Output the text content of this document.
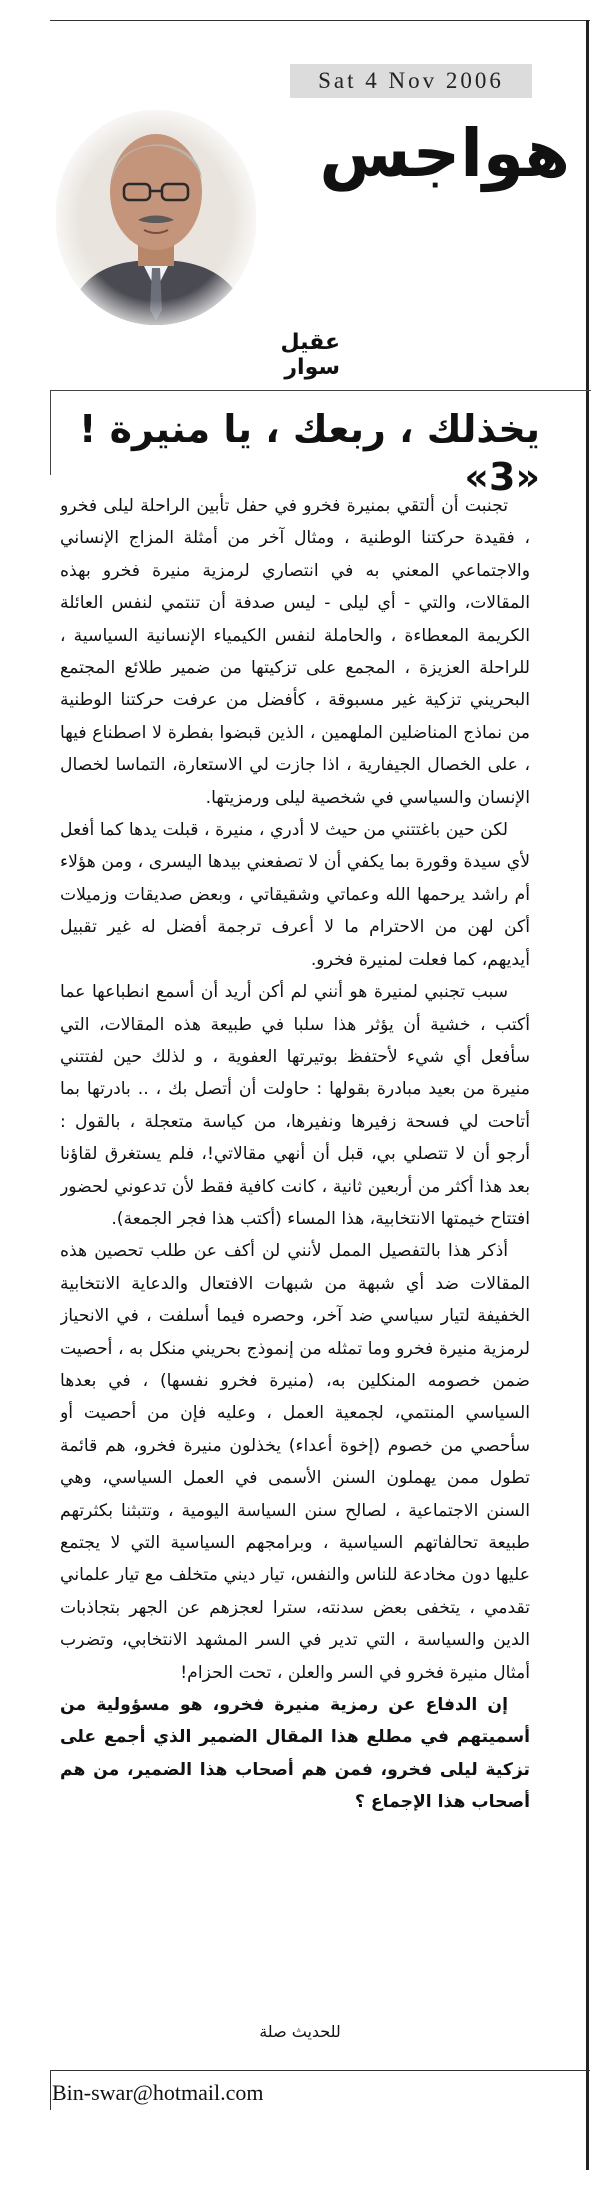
Sat 4 Nov 2006
هواجس
عقيل سوار
يخذلك ، ربعك ، يا منيرة ! «3»

تجنبت أن ألتقي بمنيرة فخرو في حفل تأبين الراحلة ليلى فخرو ، فقيدة حركتنا الوطنية ، ومثال آخر من أمثلة المزاج الإنساني والاجتماعي المعني به في انتصاري لرمزية منيرة فخرو بهذه المقالات، والتي - أي ليلى - ليس صدفة أن تنتمي لنفس العائلة الكريمة المعطاءة ، والحاملة لنفس الكيمياء الإنسانية السياسية ، للراحلة العزيزة ، المجمع على تزكيتها من ضمير طلائع المجتمع البحريني تزكية غير مسبوقة ، كأفضل من عرفت حركتنا الوطنية من نماذج المناضلين الملهمين ، الذين قبضوا بفطرة لا اصطناع فيها ، على الخصال الجيفارية ، اذا جازت لي الاستعارة، التماسا لخصال الإنسان والسياسي في شخصية ليلى ورمزيتها.

لكن حين باغتتني من حيث لا أدري ، منيرة ، قبلت يدها كما أفعل لأي سيدة وقورة بما يكفي أن لا تصفعني بيدها اليسرى ، ومن هؤلاء أم راشد يرحمها الله وعماتي وشقيقاتي ، وبعض صديقات وزميلات أكن لهن من الاحترام ما لا أعرف ترجمة أفضل له غير تقبيل أيديهم، كما فعلت لمنيرة فخرو.

سبب تجنبي لمنيرة هو أنني لم أكن أريد أن أسمع انطباعها عما أكتب ، خشية أن يؤثر هذا سلبا في طبيعة هذه المقالات، التي سأفعل أي شيء لأحتفظ بوتيرتها العفوية ، و لذلك حين لفتتني منيرة من بعيد مبادرة بقولها : حاولت أن أتصل بك ، .. بادرتها بما أتاحت لي فسحة زفيرها ونفيرها، من كياسة متعجلة ، بالقول : أرجو أن لا تتصلي بي، قبل أن أنهي مقالاتي!، فلم يستغرق لقاؤنا بعد هذا أكثر من أربعين ثانية ، كانت كافية فقط لأن تدعوني لحضور افتتاح خيمتها الانتخابية، هذا المساء (أكتب هذا فجر الجمعة).

أذكر هذا بالتفصيل الممل لأنني لن أكف عن طلب تحصين هذه المقالات ضد أي شبهة من شبهات الافتعال والدعاية الانتخابية الخفيفة لتيار سياسي ضد آخر، وحصره فيما أسلفت ، في الانحياز لرمزية منيرة فخرو وما تمثله من إنموذج بحريني منكل به ، أحصيت ضمن خصومه المنكلين به، (منيرة فخرو نفسها) ، في بعدها السياسي المنتمي، لجمعية العمل ، وعليه فإن من أحصيت أو سأحصي من خصوم (إخوة أعداء) يخذلون منيرة فخرو، هم قائمة تطول ممن يهملون السنن الأسمى في العمل السياسي، وهي السنن الاجتماعية ، لصالح سنن السياسة اليومية ، وتتبثنا بكثرتهم طبيعة تحالفاتهم السياسية ، وبرامجهم السياسية التي لا يجتمع عليها دون مخادعة للناس والنفس، تيار ديني متخلف مع تيار علماني تقدمي ، يتخفى بعض سدنته، سترا لعجزهم عن الجهر بتجاذبات الدين والسياسة ، التي تدير في السر المشهد الانتخابي، وتضرب أمثال منيرة فخرو في السر والعلن ، تحت الحزام!

إن الدفاع عن رمزية منيرة فخرو، هو مسؤولية من أسميتهم في مطلع هذا المقال الضمير الذي أجمع على تزكية ليلى فخرو، فمن هم أصحاب هذا الضمير، من هم أصحاب هذا الإجماع ؟

للحديث صلة
Bin-swar@hotmail.com
